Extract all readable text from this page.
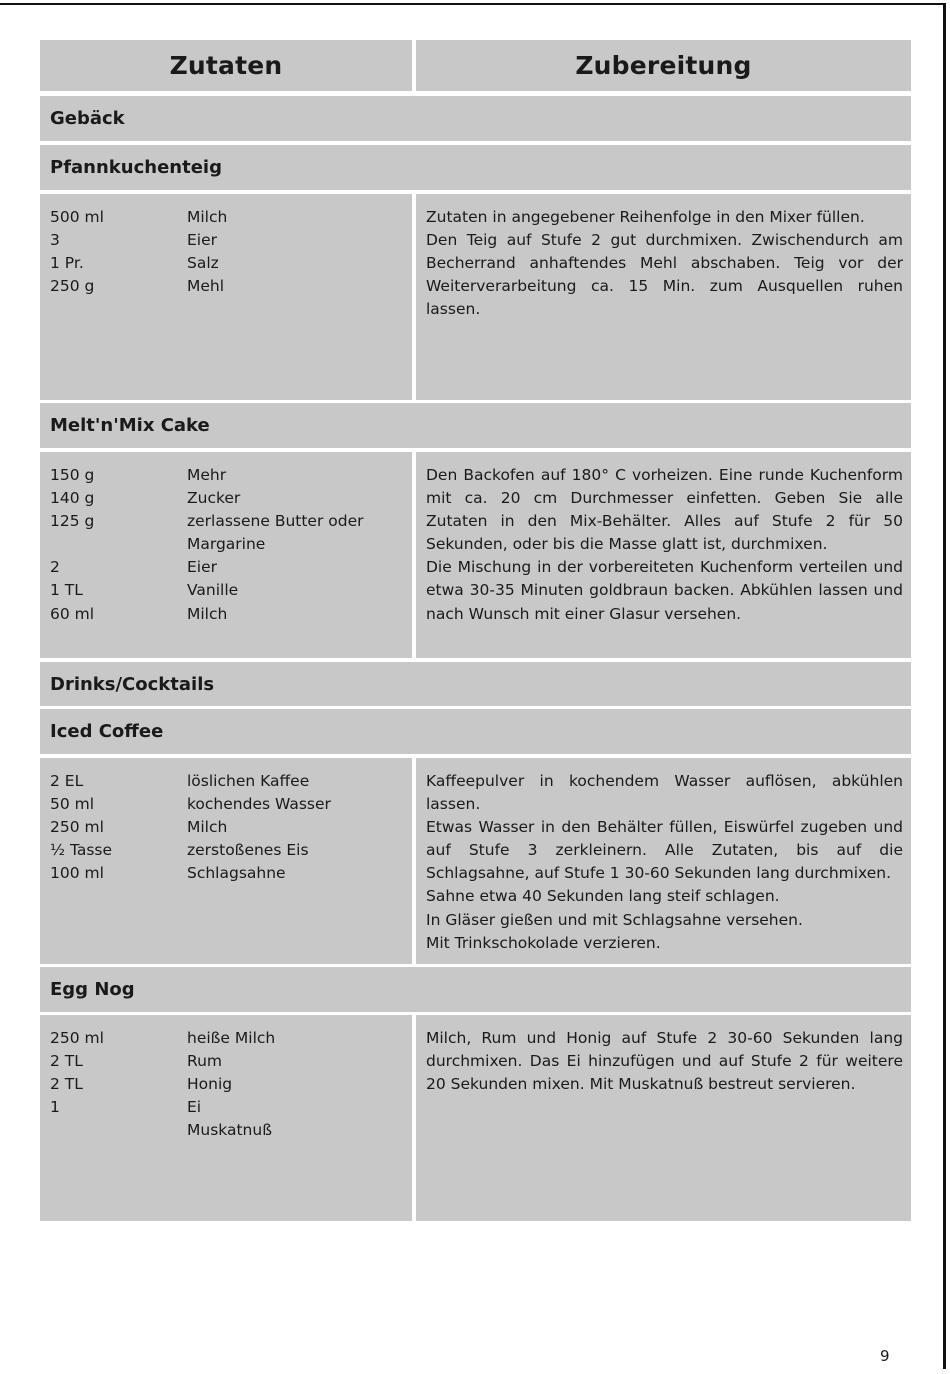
Zutaten	Zubereitung
Gebäck
Pfannkuchenteig
500 ml	Milch
3	Eier
1 Pr.	Salz
250 g	Mehl
Zutaten in angegebener Reihenfolge in den Mixer füllen.
Den Teig auf Stufe 2 gut durchmixen. Zwischendurch am Becherrand anhaftendes Mehl abschaben. Teig vor der Weiterverarbeitung ca. 15 Min. zum Ausquellen ruhen lassen.
Melt'n'Mix Cake
150 g	Mehr
140 g	Zucker
125 g	zerlassene Butter oder
Margarine
2	Eier
1 TL	Vanille
60 ml	Milch
Den Backofen auf 180° C vorheizen. Eine runde Kuchenform mit ca. 20 cm Durchmesser einfetten. Geben Sie alle Zutaten in den Mix-Behälter. Alles auf Stufe 2 für 50 Sekunden, oder bis die Masse glatt ist, durchmixen.
Die Mischung in der vorbereiteten Kuchenform verteilen und etwa 30-35 Minuten goldbraun backen. Abkühlen lassen und nach Wunsch mit einer Glasur versehen.
Drinks/Cocktails
Iced Coffee
2 EL	löslichen Kaffee
50 ml	kochendes Wasser
250 ml	Milch
½ Tasse	zerstoßenes Eis
100 ml	Schlagsahne
Kaffeepulver in kochendem Wasser auflösen, abkühlen lassen.
Etwas Wasser in den Behälter füllen, Eiswürfel zugeben und auf Stufe 3 zerkleinern. Alle Zutaten, bis auf die Schlagsahne, auf Stufe 1 30-60 Sekunden lang durchmixen.
Sahne etwa 40 Sekunden lang steif schlagen.
In Gläser gießen und mit Schlagsahne versehen.
Mit Trinkschokolade verzieren.
Egg Nog
250 ml	heiße Milch
2 TL	Rum
2 TL	Honig
1	Ei
Muskatnuß
Milch, Rum und Honig auf Stufe 2 30-60 Sekunden lang durchmixen. Das Ei hinzufügen und auf Stufe 2 für weitere 20 Sekunden mixen. Mit Muskatnuß bestreut servieren.
9
